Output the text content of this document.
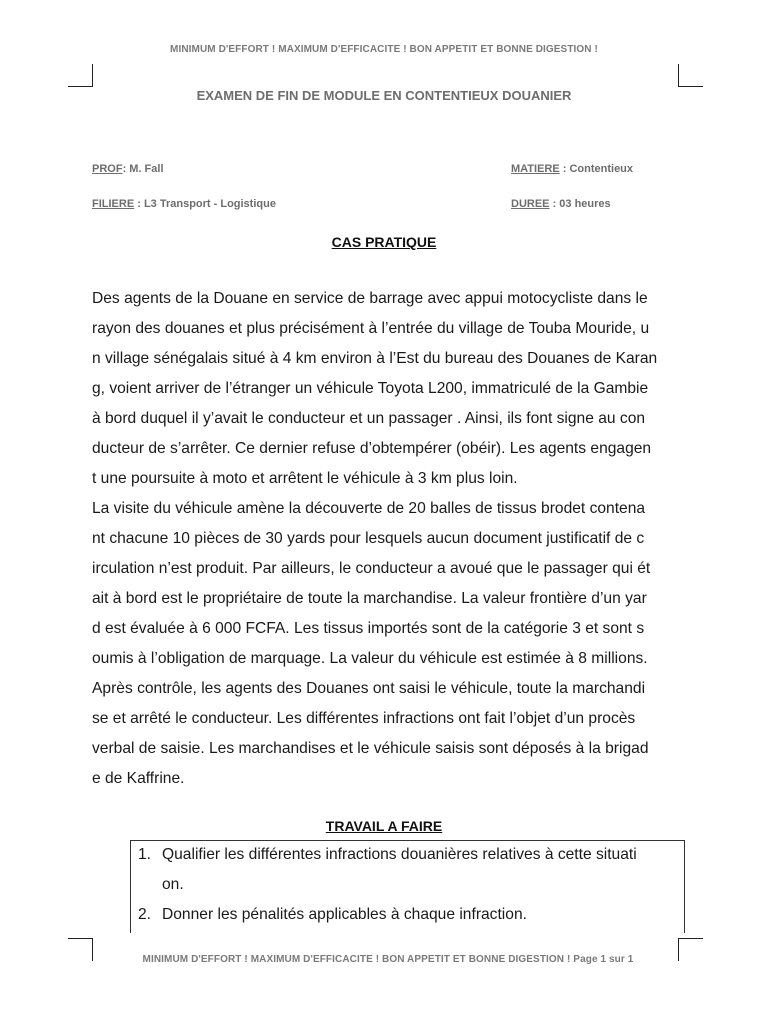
MINIMUM D'EFFORT ! MAXIMUM D'EFFICACITE ! BON APPETIT ET BONNE DIGESTION !
EXAMEN DE FIN DE MODULE EN CONTENTIEUX DOUANIER
PROF: M. Fall	MATIERE : Contentieux
FILIERE : L3 Transport - Logistique	DUREE : 03 heures
CAS PRATIQUE
Des agents de la Douane en service de barrage avec appui motocycliste dans le
rayon des douanes et plus précisément à l’entrée du village de Touba Mouride, u
n village sénégalais situé à 4 km environ à l’Est du bureau des Douanes de Karan
g, voient arriver de l’étranger un véhicule Toyota L200, immatriculé de la Gambie
à bord duquel il y’avait le conducteur et un passager . Ainsi, ils font signe au con
ducteur de s’arrêter. Ce dernier refuse d’obtempérer (obéir). Les agents engagen
t une poursuite à moto et arrêtent le véhicule à 3 km plus loin.
La visite du véhicule amène la découverte de 20 balles de tissus brodet contena
nt chacune 10 pièces de 30 yards pour lesquels aucun document justificatif de c
irculation n’est produit. Par ailleurs, le conducteur a avoué que le passager qui ét
ait à bord est le propriétaire de toute la marchandise. La valeur frontière d’un yar
d est évaluée à 6 000 FCFA. Les tissus importés sont de la catégorie 3 et sont s
oumis à l’obligation de marquage. La valeur du véhicule est estimée à 8 millions.
Après contrôle, les agents des Douanes ont saisi le véhicule, toute la marchandi
se et arrêté le conducteur. Les différentes infractions ont fait l’objet d’un procès
verbal de saisie. Les marchandises et le véhicule saisis sont déposés à la brigad
e de Kaffrine.
TRAVAIL A FAIRE
1. Qualifier les différentes infractions douanières relatives à cette situati
on.
2. Donner les pénalités applicables à chaque infraction.
MINIMUM D'EFFORT ! MAXIMUM D'EFFICACITE ! BON APPETIT ET BONNE DIGESTION ! Page 1 sur 1
